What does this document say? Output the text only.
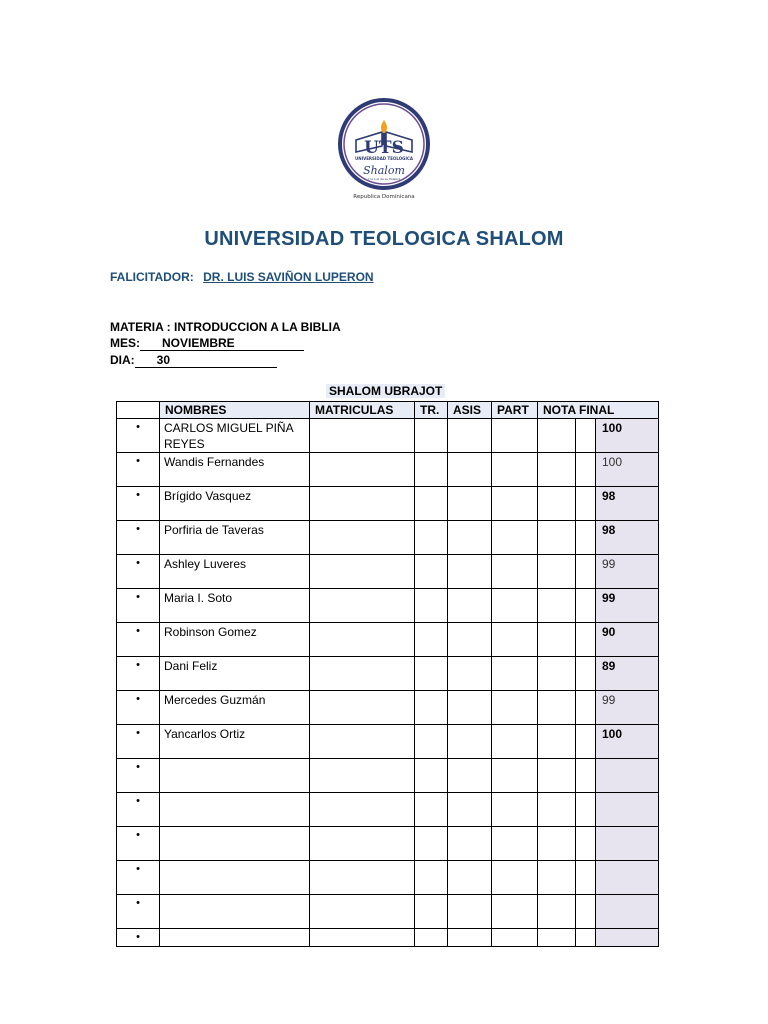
UTS
UNIVERSIDAD TEOLOGICA
Shalom
Y la Luz de su Palabra
Republica Dominicana
UNIVERSIDAD TEOLOGICA SHALOM
FALICITADOR: DR. LUIS SAVIÑON LUPERON
MATERIA : INTRODUCCION A LA BIBLIA
MES: NOVIEMBRE
DIA: 30
SHALOM UBRAJOT
	NOMBRES	MATRICULAS	TR.	ASIS	PART	NOTA FINAL		
•	CARLOS MIGUEL PIÑA REYES							100
•	Wandis Fernandes							100
•	Brígido Vasquez							98
•	Porfiria de Taveras							98
•	Ashley Luveres							99
•	Maria I. Soto							99
•	Robinson Gomez							90
•	Dani Feliz							89
•	Mercedes Guzmán							99
•	Yancarlos Ortiz							100
•								
•								
•								
•								
•								
•								
